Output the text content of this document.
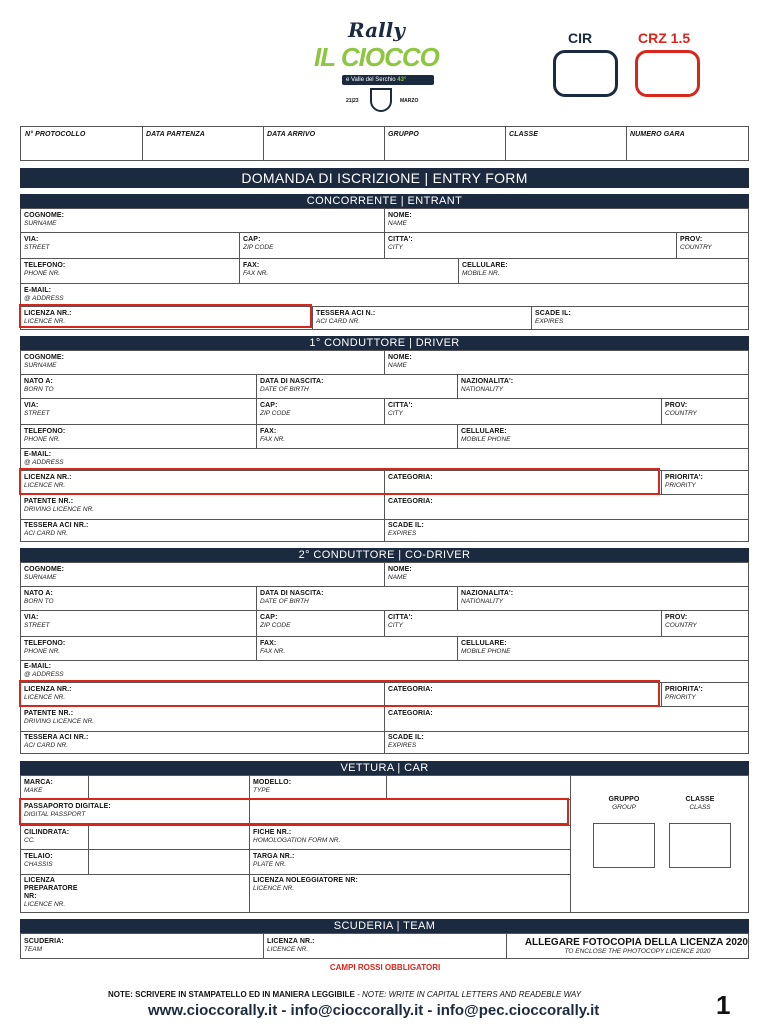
Rally
IL CIOCCO
e Valle del Serchio 43°
21|23	MARZO
CIR	CRZ 1.5
N° PROTOCOLLO	DATA PARTENZA	DATA ARRIVO	GRUPPO	CLASSE	NUMERO GARA
DOMANDA DI ISCRIZIONE | ENTRY FORM
CONCORRENTE | ENTRANT
COGNOME:
SURNAME
NOME:
NAME
VIA:
STREET
CAP:
ZIP CODE
CITTA':
CITY
PROV:
COUNTRY
TELEFONO:
PHONE NR.
FAX:
FAX NR.
CELLULARE:
MOBILE NR.
E-MAIL:
@ ADDRESS
LICENZA NR.:
LICENCE NR.
TESSERA ACI N.:
ACI CARD NR.
SCADE IL:
EXPIRES
1° CONDUTTORE | DRIVER
COGNOME:
SURNAME
NOME:
NAME
NATO A:
BORN TO
DATA DI NASCITA:
DATE OF BIRTH
NAZIONALITA':
NATIONALITY
VIA:
STREET
CAP:
ZIP CODE
CITTA':
CITY
PROV:
COUNTRY
TELEFONO:
PHONE NR.
FAX:
FAX NR.
CELLULARE:
MOBILE PHONE
E-MAIL:
@ ADDRESS
LICENZA NR.:
LICENCE NR.
CATEGORIA:	PRIORITA':
PRIORITY
PATENTE NR.:
DRIVING LICENCE NR.
CATEGORIA:
TESSERA ACI NR.:
ACI CARD NR.
SCADE IL:
EXPIRES
2° CONDUTTORE | CO-DRIVER
COGNOME:
SURNAME
NOME:
NAME
NATO A:
BORN TO
DATA DI NASCITA:
DATE OF BIRTH
NAZIONALITA':
NATIONALITY
VIA:
STREET
CAP:
ZIP CODE
CITTA':
CITY
PROV:
COUNTRY
TELEFONO:
PHONE NR.
FAX:
FAX NR.
CELLULARE:
MOBILE PHONE
E-MAIL:
@ ADDRESS
LICENZA NR.:
LICENCE NR.
CATEGORIA:	PRIORITA':
PRIORITY
PATENTE NR.:
DRIVING LICENCE NR.
CATEGORIA:
TESSERA ACI NR.:
ACI CARD NR.
SCADE IL:
EXPIRES
VETTURA | CAR
MARCA:
MAKE
MODELLO:
TYPE
PASSAPORTO DIGITALE:
DIGITAL PASSPORT
CILINDRATA:
CC.
FICHE NR.:
HOMOLOGATION FORM NR.
TELAIO:
CHASSIS
TARGA NR.:
PLATE NR.
LICENZA PREPARATORE NR:
LICENCE NR.
LICENZA NOLEGGIATORE NR:
LICENCE NR.
GRUPPO
GROUP
CLASSE
CLASS
SCUDERIA | TEAM
SCUDERIA:
TEAM
LICENZA NR.:
LICENCE NR.
ALLEGARE FOTOCOPIA DELLA LICENZA 2020
TO ENCLOSE THE PHOTOCOPY LICENCE 2020
CAMPI ROSSI OBBLIGATORI
NOTE: SCRIVERE IN STAMPATELLO ED IN MANIERA LEGGIBILE - NOTE: WRITE IN CAPITAL LETTERS AND READEBLE WAY
www.cioccorally.it - info@cioccorally.it - info@pec.cioccorally.it	1
